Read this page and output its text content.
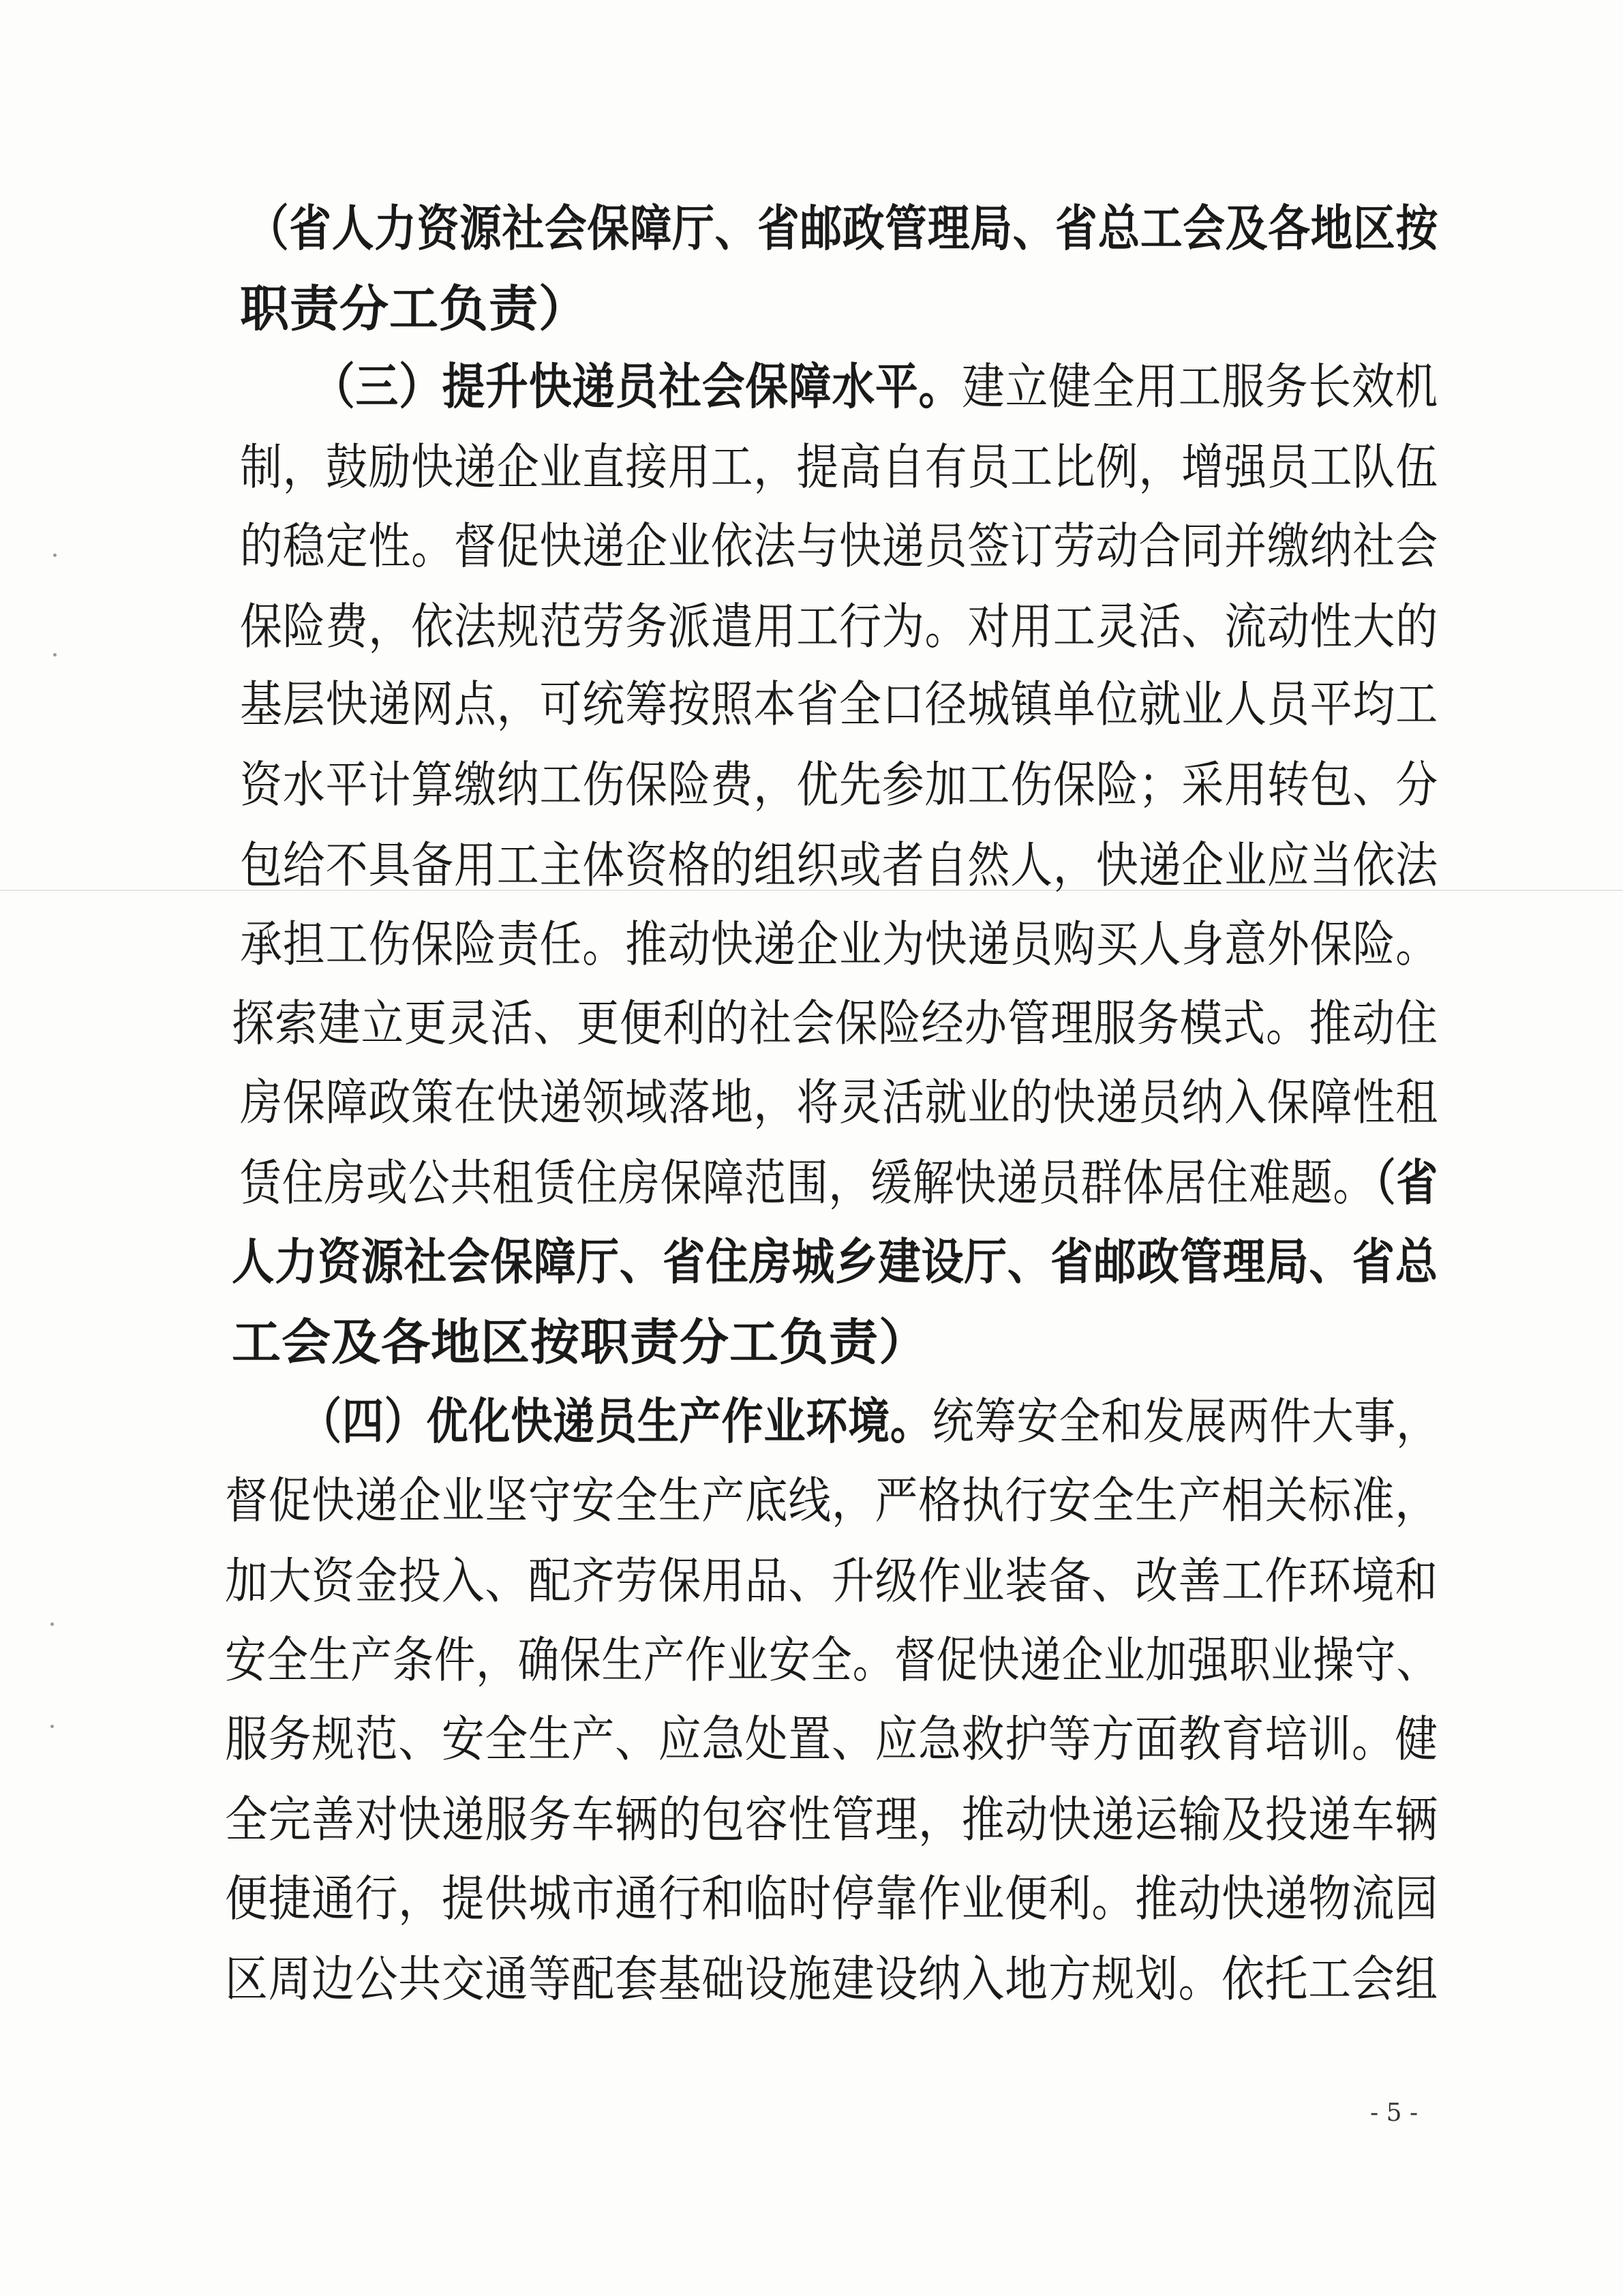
（省人力资源社会保障厅、省邮政管理局、省总工会及各地区按
职责分工负责）
（三）提升快递员社会保障水平。建立健全用工服务长效机
制，鼓励快递企业直接用工，提高自有员工比例，增强员工队伍
的稳定性。督促快递企业依法与快递员签订劳动合同并缴纳社会
保险费，依法规范劳务派遣用工行为。对用工灵活、流动性大的
基层快递网点，可统筹按照本省全口径城镇单位就业人员平均工
资水平计算缴纳工伤保险费，优先参加工伤保险；采用转包、分
包给不具备用工主体资格的组织或者自然人，快递企业应当依法
承担工伤保险责任。推动快递企业为快递员购买人身意外保险。
探索建立更灵活、更便利的社会保险经办管理服务模式。推动住
房保障政策在快递领域落地，将灵活就业的快递员纳入保障性租
赁住房或公共租赁住房保障范围，缓解快递员群体居住难题。（省
人力资源社会保障厅、省住房城乡建设厅、省邮政管理局、省总
工会及各地区按职责分工负责）
（四）优化快递员生产作业环境。统筹安全和发展两件大事，
督促快递企业坚守安全生产底线，严格执行安全生产相关标准，
加大资金投入、配齐劳保用品、升级作业装备、改善工作环境和
安全生产条件，确保生产作业安全。督促快递企业加强职业操守、
服务规范、安全生产、应急处置、应急救护等方面教育培训。健
全完善对快递服务车辆的包容性管理，推动快递运输及投递车辆
便捷通行，提供城市通行和临时停靠作业便利。推动快递物流园
区周边公共交通等配套基础设施建设纳入地方规划。依托工会组
- 5 -
